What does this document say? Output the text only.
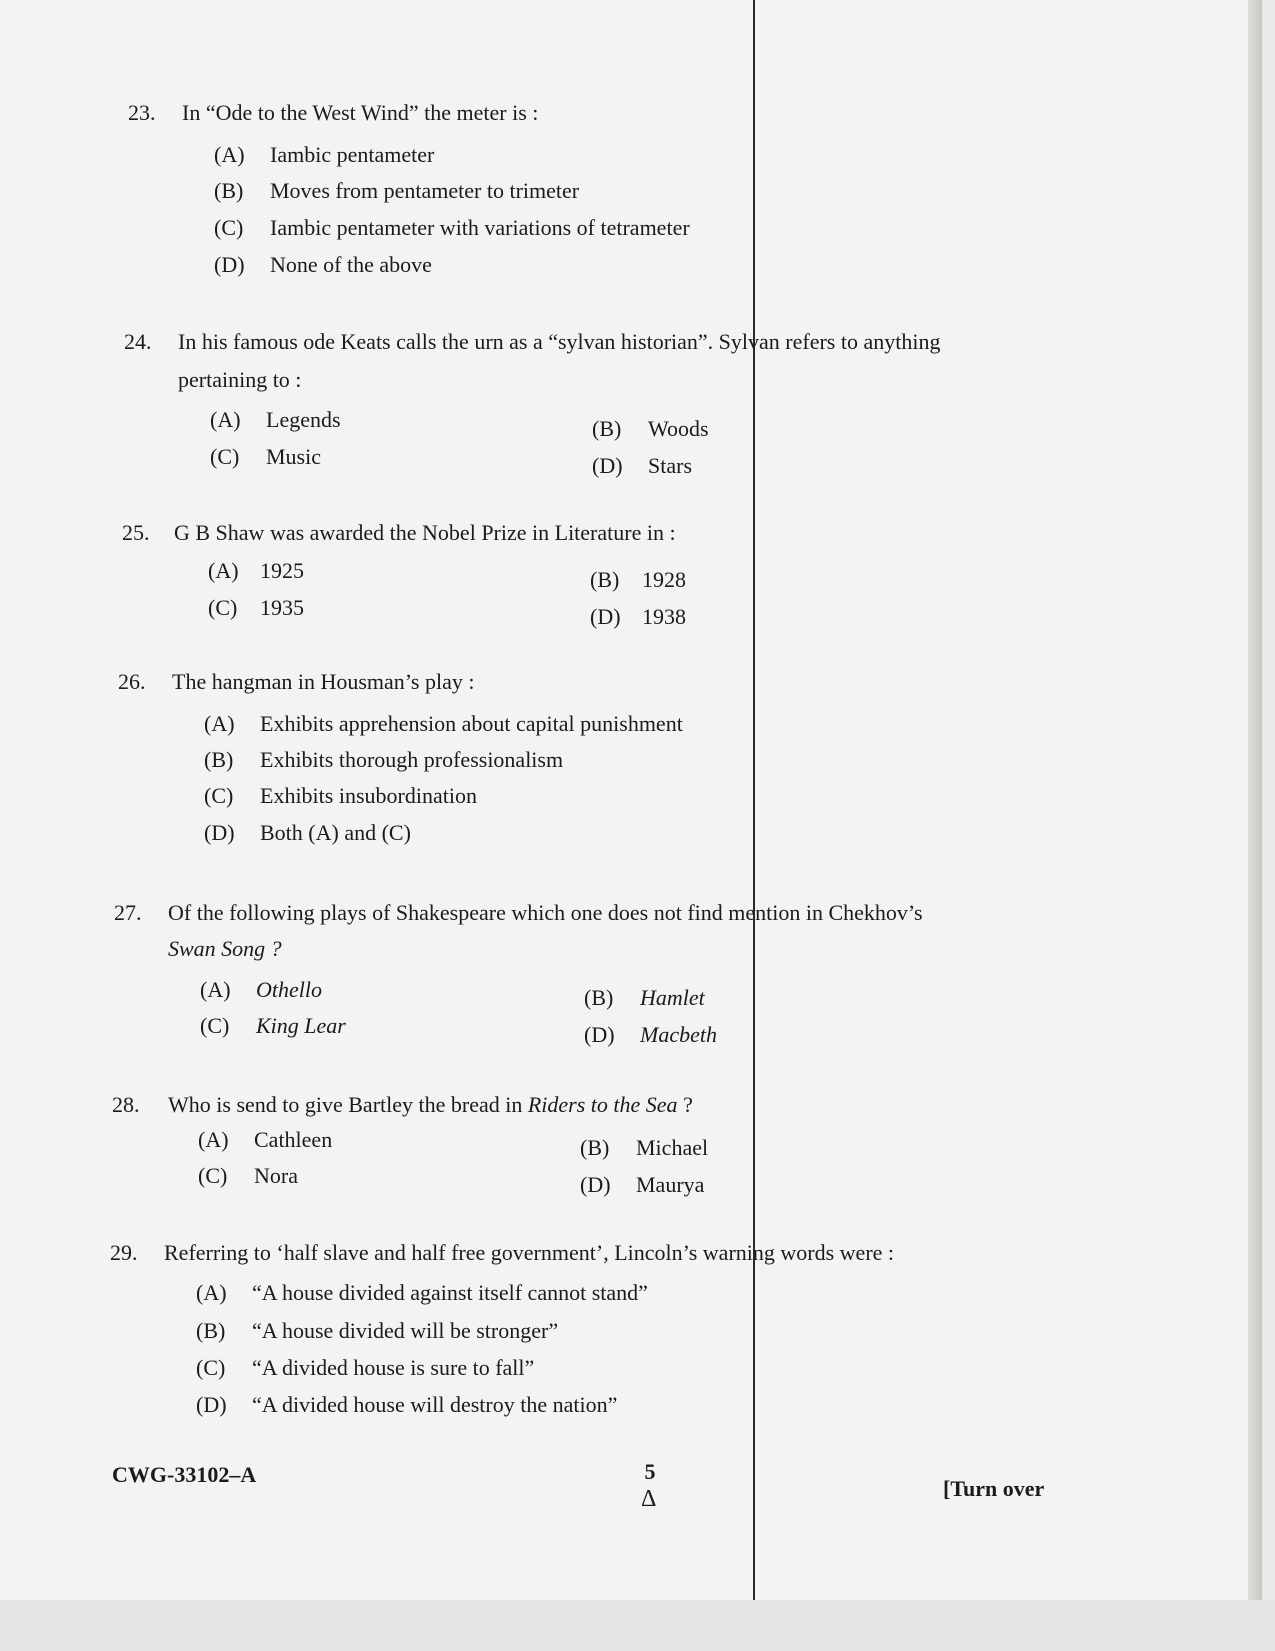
23. In “Ode to the West Wind” the meter is :
(A) Iambic pentameter
(B) Moves from pentameter to trimeter
(C) Iambic pentameter with variations of tetrameter
(D) None of the above
24. In his famous ode Keats calls the urn as a “sylvan historian”. Sylvan refers to anything
pertaining to :
(A) Legends	(B) Woods
(C) Music	(D) Stars
25. G B Shaw was awarded the Nobel Prize in Literature in :
(A) 1925	(B) 1928
(C) 1935	(D) 1938
26. The hangman in Housman’s play :
(A) Exhibits apprehension about capital punishment
(B) Exhibits thorough professionalism
(C) Exhibits insubordination
(D) Both (A) and (C)
27. Of the following plays of Shakespeare which one does not find mention in Chekhov’s
Swan Song ?
(A) Othello	(B) Hamlet
(C) King Lear	(D) Macbeth
28. Who is send to give Bartley the bread in Riders to the Sea ?
(A) Cathleen	(B) Michael
(C) Nora	(D) Maurya
29. Referring to ‘half slave and half free government’, Lincoln’s warning words were :
(A) “A house divided against itself cannot stand”
(B) “A house divided will be stronger”
(C) “A divided house is sure to fall”
(D) “A divided house will destroy the nation”
CWG-33102–A	5
Δ	[Turn over
